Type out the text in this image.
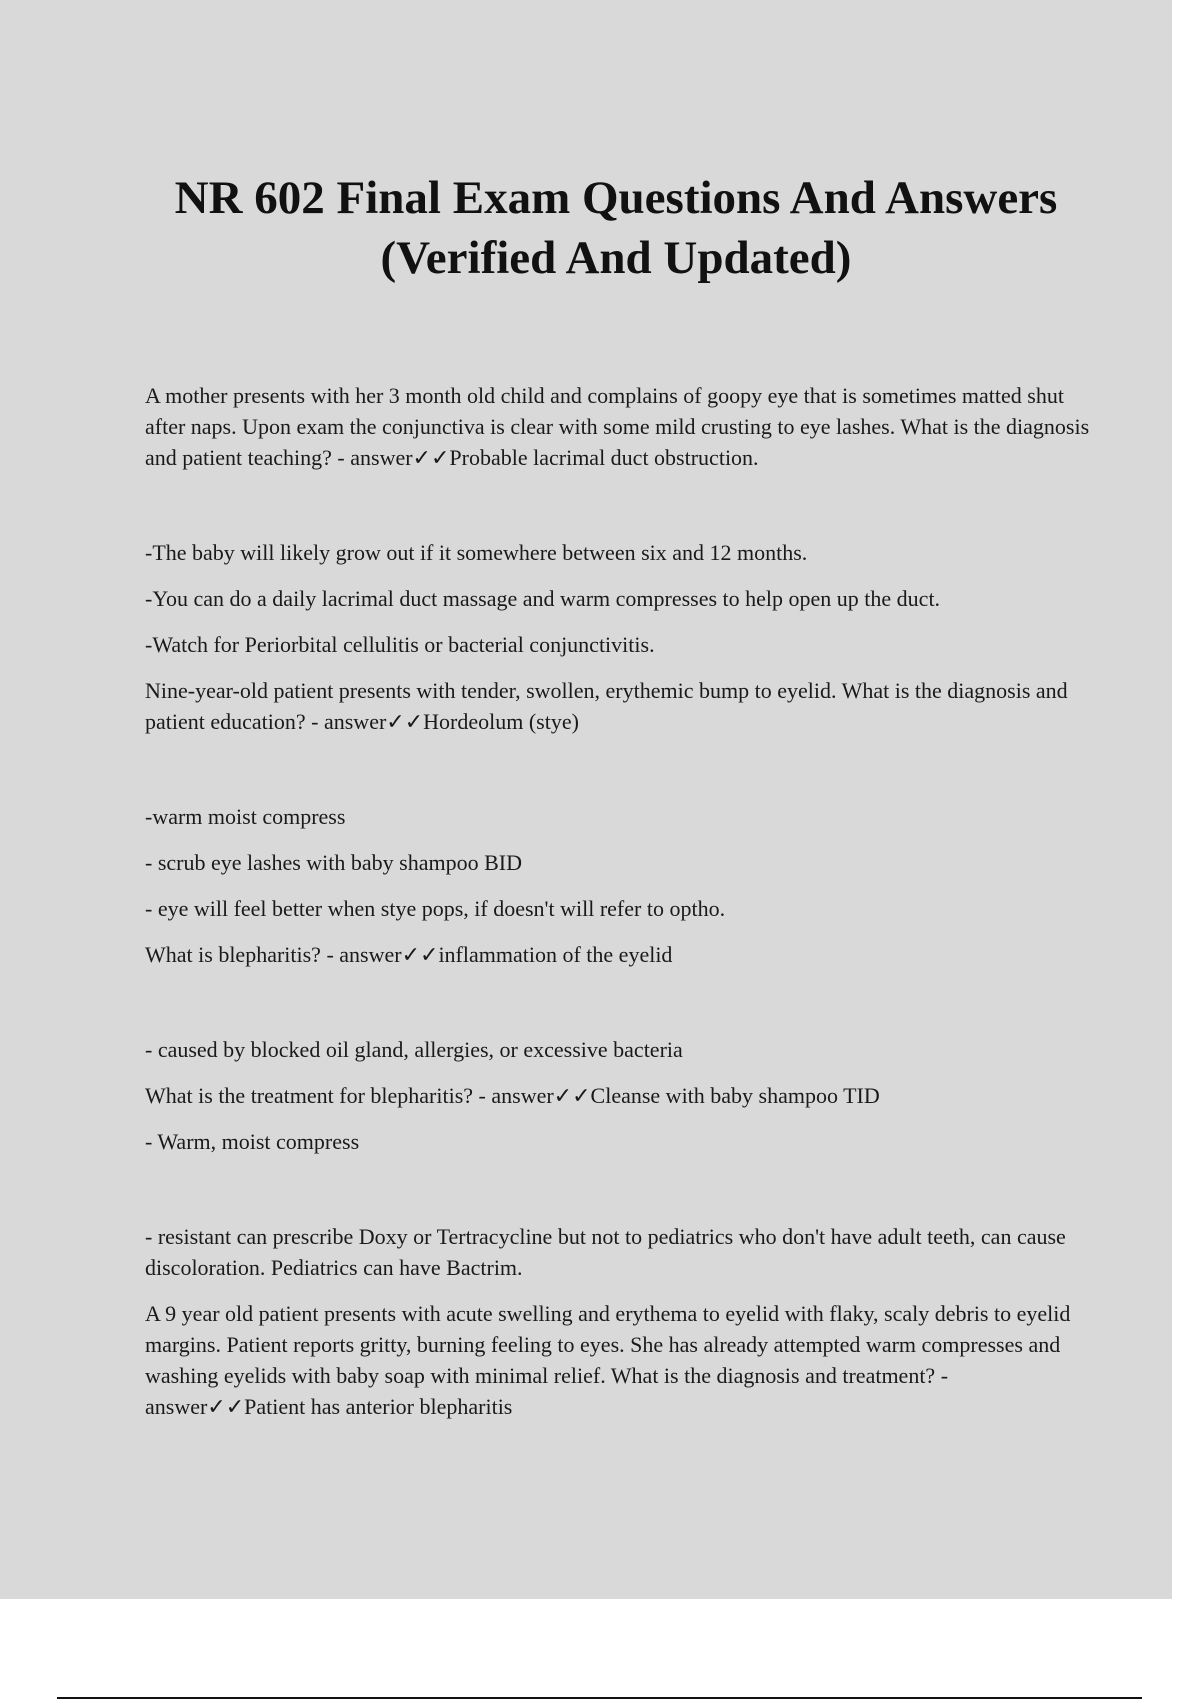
NR 602 Final Exam Questions And Answers
(Verified And Updated)

A mother presents with her 3 month old child and complains of goopy eye that is sometimes matted shut after naps. Upon exam the conjunctiva is clear with some mild crusting to eye lashes. What is the diagnosis and patient teaching? - answer✓✓Probable lacrimal duct obstruction.

-The baby will likely grow out if it somewhere between six and 12 months.

-You can do a daily lacrimal duct massage and warm compresses to help open up the duct.

-Watch for Periorbital cellulitis or bacterial conjunctivitis.

Nine-year-old patient presents with tender, swollen, erythemic bump to eyelid. What is the diagnosis and patient education? - answer✓✓Hordeolum (stye)

-warm moist compress

- scrub eye lashes with baby shampoo BID

- eye will feel better when stye pops, if doesn't will refer to optho.

What is blepharitis? - answer✓✓inflammation of the eyelid

- caused by blocked oil gland, allergies, or excessive bacteria

What is the treatment for blepharitis? - answer✓✓Cleanse with baby shampoo TID

- Warm, moist compress

- resistant can prescribe Doxy or Tertracycline but not to pediatrics who don't have adult teeth, can cause discoloration. Pediatrics can have Bactrim.

A 9 year old patient presents with acute swelling and erythema to eyelid with flaky, scaly debris to eyelid margins. Patient reports gritty, burning feeling to eyes. She has already attempted warm compresses and washing eyelids with baby soap with minimal relief. What is the diagnosis and treatment? - answer✓✓Patient has anterior blepharitis
